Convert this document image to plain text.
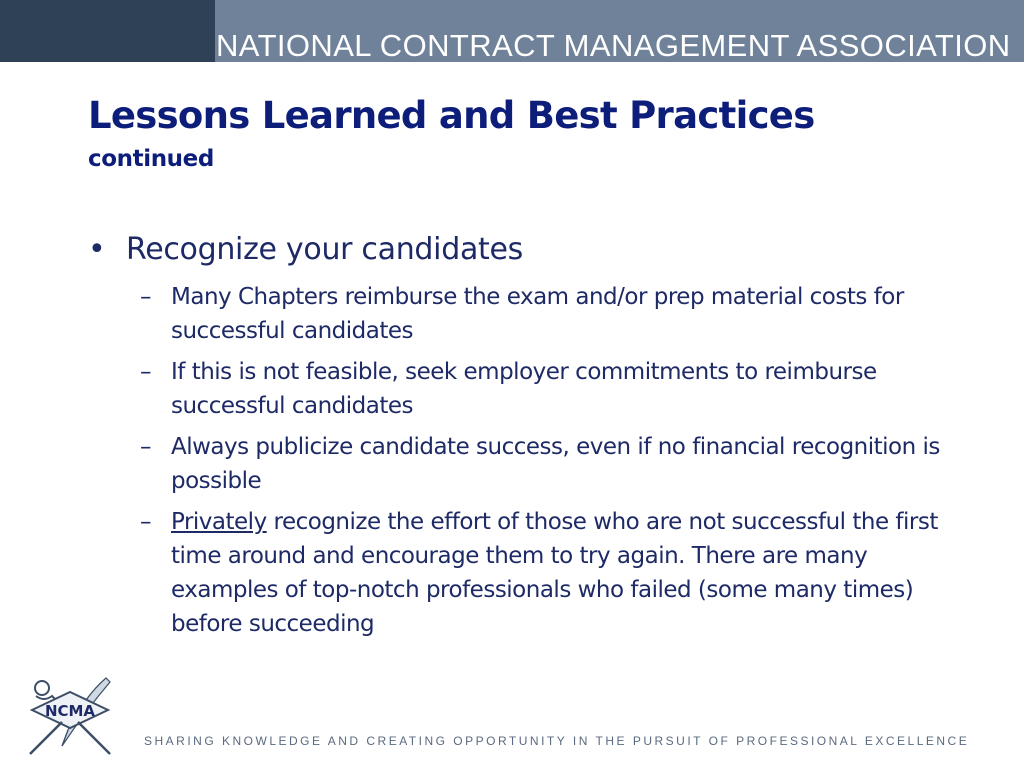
NATIONAL CONTRACT MANAGEMENT ASSOCIATION
Lessons Learned and Best Practices
continued
• Recognize your candidates
– Many Chapters reimburse the exam and/or prep material costs for successful candidates
– If this is not feasible, seek employer commitments to reimburse successful candidates
– Always publicize candidate success, even if no financial recognition is possible
– Privately recognize the effort of those who are not successful the first time around and encourage them to try again. There are many examples of top-notch professionals who failed (some many times) before succeeding
NCMA
SHARING KNOWLEDGE AND CREATING OPPORTUNITY IN THE PURSUIT OF PROFESSIONAL EXCELLENCE
